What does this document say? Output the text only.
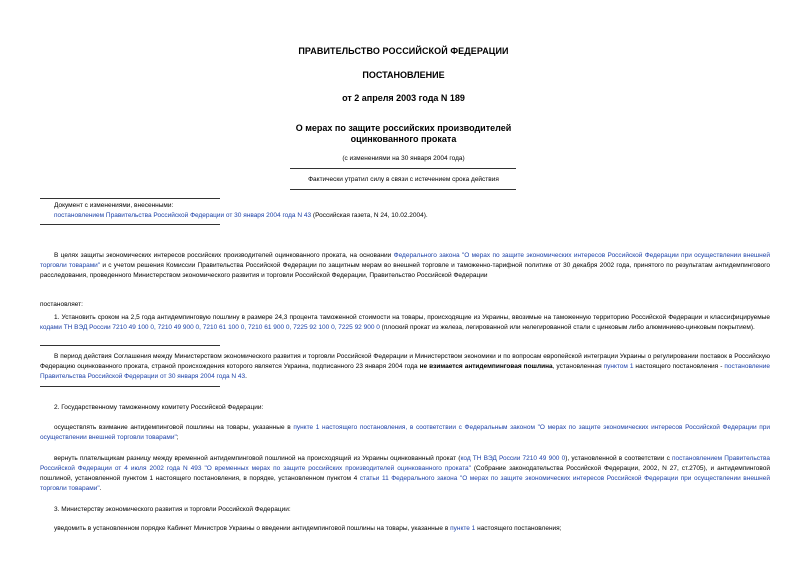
ПРАВИТЕЛЬСТВО РОССИЙСКОЙ ФЕДЕРАЦИИ
ПОСТАНОВЛЕНИЕ
от 2 апреля 2003 года N 189
О мерах по защите российских производителей
оцинкованного проката
(с изменениями на 30 января 2004 года)
Фактически утратил силу в связи с истечением срока действия
Документ с изменениями, внесенными:
постановлением Правительства Российской Федерации от 30 января 2004 года N 43 (Российская газета, N 24, 10.02.2004).
В целях защиты экономических интересов российских производителей оцинкованного проката, на основании Федерального закона "О мерах по защите экономических интересов Российской Федерации при осуществлении внешней торговли товарами" и с учетом решения Комиссии Правительства Российской Федерации по защитным мерам во внешней торговле и таможенно-тарифной политике от 30 декабря 2002 года, принятого по результатам антидемпингового расследования, проведенного Министерством экономического развития и торговли Российской Федерации, Правительство Российской Федерации
постановляет:
1. Установить сроком на 2,5 года антидемпинговую пошлину в размере 24,3 процента таможенной стоимости на товары, происходящие из Украины, ввозимые на таможенную территорию Российской Федерации и классифицируемые кодами ТН ВЭД России 7210 49 100 0, 7210 49 900 0, 7210 61 100 0, 7210 61 900 0, 7225 92 100 0, 7225 92 900 0 (плоский прокат из железа, легированной или нелегированной стали с цинковым либо алюминиево-цинковым покрытием).
В период действия Соглашения между Министерством экономического развития и торговли Российской Федерации и Министерством экономики и по вопросам европейской интеграции Украины о регулировании поставок в Российскую Федерацию оцинкованного проката, страной происхождения которого является Украина, подписанного 23 января 2004 года не взимается антидемпинговая пошлина, установленная пунктом 1 настоящего постановления - постановление Правительства Российской Федерации от 30 января 2004 года N 43.
2. Государственному таможенному комитету Российской Федерации:
осуществлять взимание антидемпинговой пошлины на товары, указанные в пункте 1 настоящего постановления, в соответствии с Федеральным законом "О мерах по защите экономических интересов Российской Федерации при осуществлении внешней торговли товарами";
вернуть плательщикам разницу между временной антидемпинговой пошлиной на происходящий из Украины оцинкованный прокат (код ТН ВЭД России 7210 49 900 0), установленной в соответствии с постановлением Правительства Российской Федерации от 4 июля 2002 года N 493 "О временных мерах по защите российских производителей оцинкованного проката" (Собрание законодательства Российской Федерации, 2002, N 27, ст.2705), и антидемпинговой пошлиной, установленной пунктом 1 настоящего постановления, в порядке, установленном пунктом 4 статьи 11 Федерального закона "О мерах по защите экономических интересов Российской Федерации при осуществлении внешней торговли товарами".
3. Министерству экономического развития и торговли Российской Федерации:
уведомить в установленном порядке Кабинет Министров Украины о введении антидемпинговой пошлины на товары, указанные в пункте 1 настоящего постановления;
